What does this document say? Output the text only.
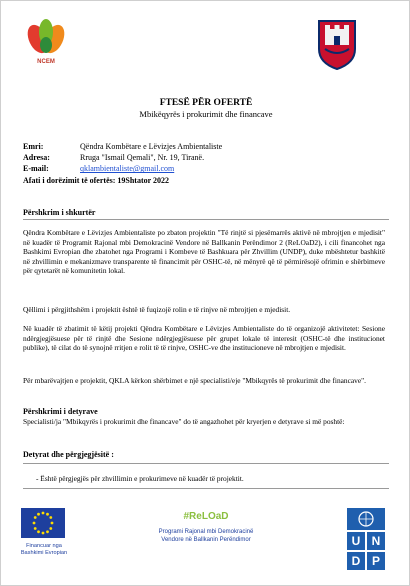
NCEM
FTESË PËR OFERTË
Mbikëqyrës i prokurimit dhe financave
Emri:	Qëndra Kombëtare e Lëvizjes Ambientaliste
Adresa:	Rruga "Ismail Qemali", Nr. 19, Tiranë.
E-mail:	qklambientaliste@gmail.com
Afati i dorëzimit të ofertës: 19Shtator 2022
Përshkrim i shkurtër
Qëndra Kombëtare e Lëvizjes Ambientaliste po zbaton projektin "Të rinjtë si pjesëmarrës aktivë në mbrojtjen e mjedisit" në kuadër të Programit Rajonal mbi Demokracinë Vendore në Ballkanin Perëndimor 2 (ReLOaD2), i cili financohet nga Bashkimi Evropian dhe zbatohet nga Programi i Kombeve të Bashkuara për Zhvillim (UNDP), duke mbështetur bashkitë në zhvillimin e mekanizmave transparente të financimit për OSHC-të, në mënyrë që të përmirësojë ofrimin e shërbimeve për qytetarët në komunitetin lokal.
Qëllimi i përgjithshëm i projektit është të fuqizojë rolin e të rinjve në mbrojtjen e mjedisit.
Në kuadër të zbatimit të këtij projekti Qëndra Kombëtare e Lëvizjes Ambientaliste do të organizojë aktivitetet: Sesione ndërgjegjësuese për të rinjtë dhe Sesione ndërgjegjësuese për grupet lokale të interesit (OSHC-të dhe institucionet publike), të cilat do të synojnë rritjen e rolit të të rinjve, OSHC-ve dhe institucioneve në mbrojtjen e mjedisit.
Për mbarëvajtjen e projektit, QKLA kërkon shërbimet e një specialisti/eje "Mbikqyrës të prokurimit dhe financave".
Përshkrimi i detyrave
Specialisti/ja "Mbikqyrës i prokurimit dhe financave" do të angazhohet për kryerjen e detyrave si më poshtë:
Detyrat dhe përgjegjësitë :
- Është përgjegjës për zhvillimin e prokurimeve në kuadër të projektit.
Financuar nga
Bashkimi Evropian
#ReLOaD
Programi Rajonal mbi Demokracinë
Vendore në Ballkanin Perëndimor	U N
D P
